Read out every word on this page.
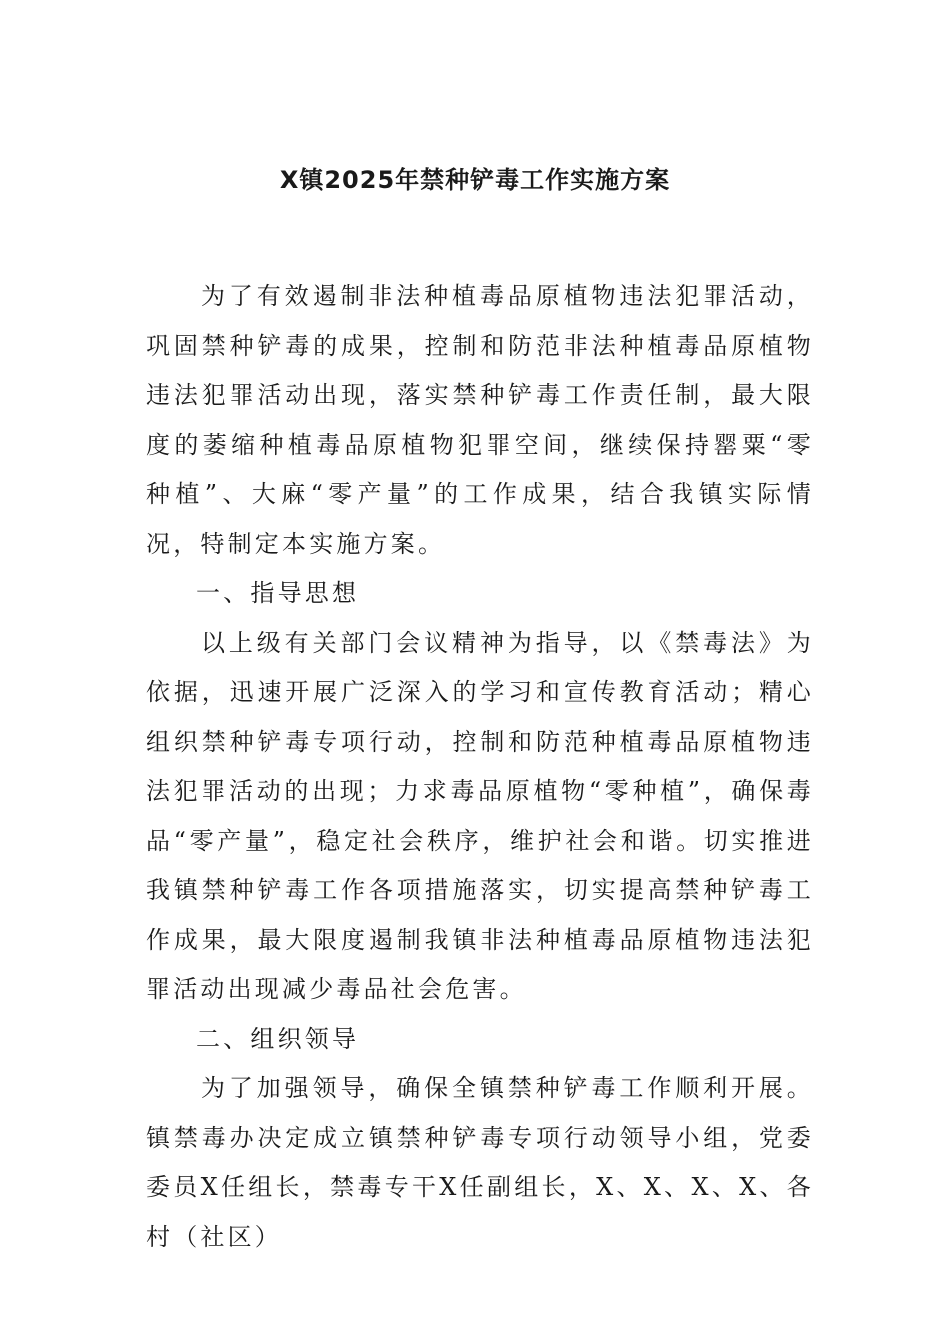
X镇2025年禁种铲毒工作实施方案

为了有效遏制非法种植毒品原植物违法犯罪活动，巩固禁种铲毒的成果，控制和防范非法种植毒品原植物违法犯罪活动出现，落实禁种铲毒工作责任制，最大限度的萎缩种植毒品原植物犯罪空间，继续保持罂粟“零种植”、大麻“零产量”的工作成果，结合我镇实际情况，特制定本实施方案。

一、指导思想

以上级有关部门会议精神为指导，以《禁毒法》为依据，迅速开展广泛深入的学习和宣传教育活动；精心组织禁种铲毒专项行动，控制和防范种植毒品原植物违法犯罪活动的出现；力求毒品原植物“零种植”，确保毒品“零产量”，稳定社会秩序，维护社会和谐。切实推进我镇禁种铲毒工作各项措施落实，切实提高禁种铲毒工作成果，最大限度遏制我镇非法种植毒品原植物违法犯罪活动出现减少毒品社会危害。

二、组织领导

为了加强领导，确保全镇禁种铲毒工作顺利开展。镇禁毒办决定成立镇禁种铲毒专项行动领导小组，党委委员X任组长，禁毒专干X任副组长，X、X、X、X、各村（社区）
